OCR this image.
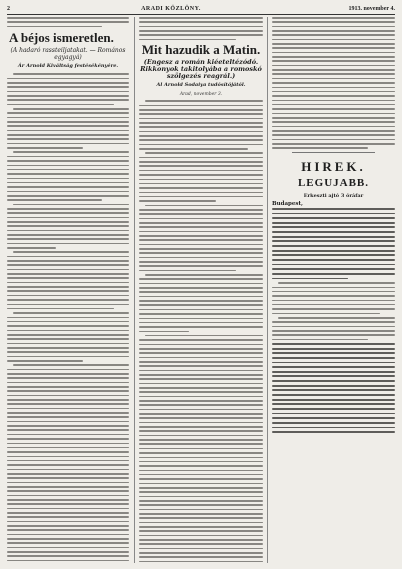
2	ARADI KÖZLÖNY.	1913. november 4.
A béjos ismeretlen.
(A hadaró rassteiljatakat. — Romános egyagyá)
Ár Arnold Kiváltság festésékényére.
Mit hazudik a Matin.
(Engesz a román kiéeteltézódó. Rikkonyok takitolyába a romoskó szölgezés reagrál.)
Al Arnold Sodaiya tudósítójától.
Arad, november 3.
HIREK.
LEGUJABB.
Erkeszti ajtó 3 óráfar
Budapest,
